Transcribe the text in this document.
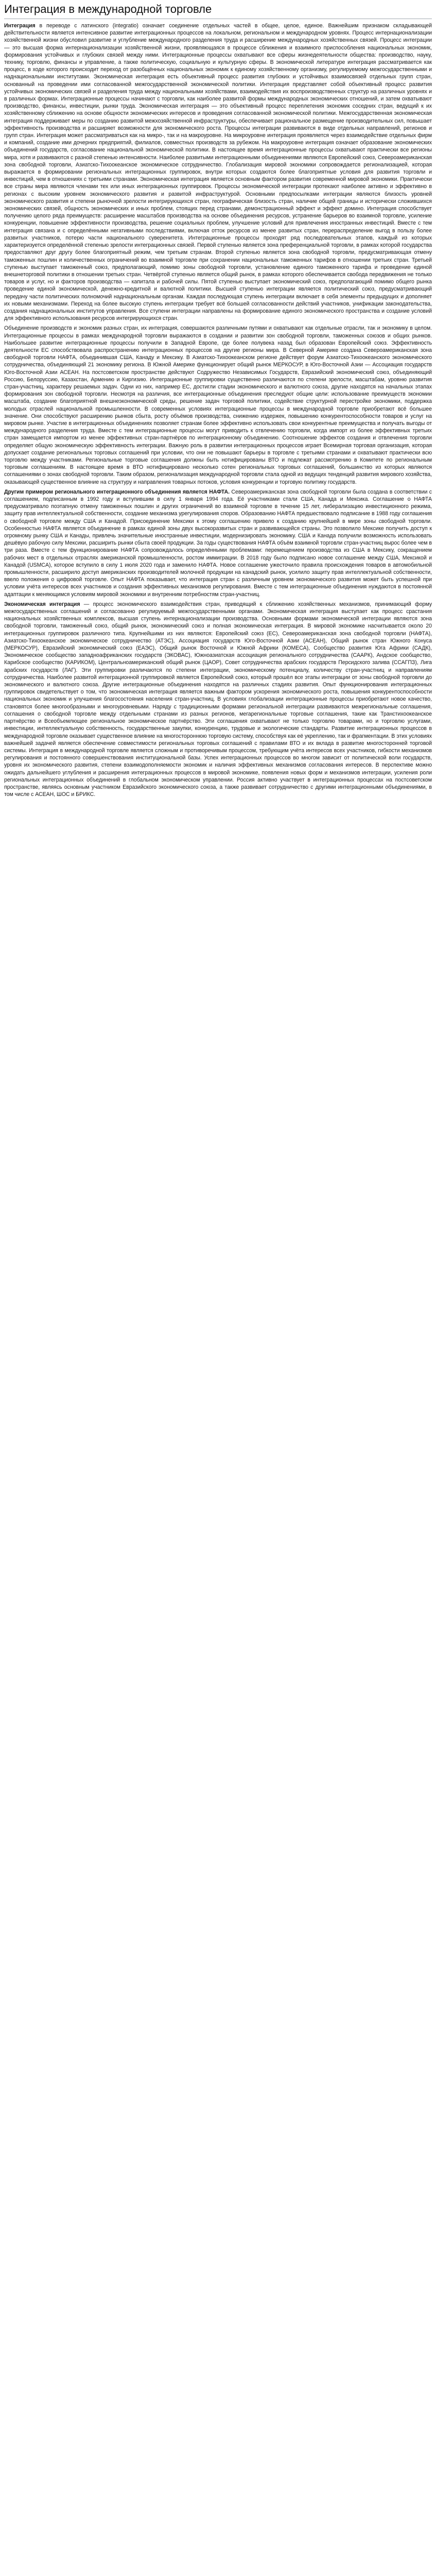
Интеграция в международной торговле

Интеграция в переводе с латинского (integratio) означает соединение отдельных частей в общее, целое, единое. Важнейшим признаком складывающей действительности является интенсивное развитие интеграционных процессов на локальном, региональном и международном уровнях. Процесс интернационализации хозяйственной жизни обусловил развитие и углубление международного разделения труда и расширение международных хозяйственных связей. Процесс интеграции — это высшая форма интернационализации хозяйственной жизни, проявляющаяся в процессе сближения и взаимного приспособления национальных экономик, формирования устойчивых и глубоких связей между ними. Интеграционные процессы охватывают все сферы жизнедеятельности общества: производство, науку, технику, торговлю, финансы и управление, а также политическую, социальную и культурную сферы. В экономической литературе интеграция рассматривается как процесс, в ходе которого происходит переход от разобщённых национальных экономик к единому хозяйственному организму, регулируемому межгосударственными и наднациональными институтами. Экономическая интеграция есть объективный процесс развития глубоких и устойчивых взаимосвязей отдельных групп стран, основанный на проведении ими согласованной межгосударственной экономической политики. Интеграция представляет собой объективный процесс развития устойчивых экономических связей и разделения труда между национальными хозяйствами, взаимодействия их воспроизводственных структур на различных уровнях и в различных формах. Интеграционные процессы начинают с торговли, как наиболее развитой формы международных экономических отношений, и затем охватывают производство, финансы, инвестиции, рынки труда. Экономическая интеграция — это объективный процесс переплетения экономик соседних стран, ведущий к их хозяйственному сближению на основе общности экономических интересов и проведения согласованной экономической политики. Межгосударственная экономическая интеграция поддерживает меры по созданию развитой межхозяйственной инфраструктуры, обеспечивает рациональное размещение производительных сил, повышает эффективность производства и расширяет возможности для экономического роста. Процессы интеграции развиваются в виде отдельных направлений, регионов и групп стран. Интеграция может рассматриваться как на микро-, так и на макроуровне. На микроуровне интеграция проявляется через взаимодействие отдельных фирм и компаний, создание ими дочерних предприятий, филиалов, совместных производств за рубежом. На макроуровне интеграция означает образование экономических объединений государств, согласование национальной экономической политики. В настоящее время интеграционные процессы охватывают практически все регионы мира, хотя и развиваются с разной степенью интенсивности. Наиболее развитыми интеграционными объединениями являются Европейский союз, Североамериканская зона свободной торговли, Азиатско-Тихоокеанское экономическое сотрудничество. Глобализация мировой экономики сопровождается регионализацией, которая выражается в формировании региональных интеграционных группировок, внутри которых создаются более благоприятные условия для развития торговли и инвестиций, чем в отношениях с третьими странами. Экономическая интеграция является основным фактором развития современной мировой экономики. Практически все страны мира являются членами тех или иных интеграционных группировок. Процессы экономической интеграции протекают наиболее активно и эффективно в регионах с высоким уровнем экономического развития и развитой инфраструктурой. Основными предпосылками интеграции являются близость уровней экономического развития и степени рыночной зрелости интегрирующихся стран, географическая близость стран, наличие общей границы и исторически сложившихся экономических связей, общность экономических и иных проблем, стоящих перед странами, демонстрационный эффект и эффект домино. Интеграция способствует получению целого ряда преимуществ: расширение масштабов производства на основе объединения ресурсов, устранение барьеров во взаимной торговле, усиление конкуренции, повышение эффективности производства, решение социальных проблем, улучшение условий для привлечения иностранных инвестиций. Вместе с тем интеграция связана и с определёнными негативными последствиями, включая отток ресурсов из менее развитых стран, перераспределение выгод в пользу более развитых участников, потерю части национального суверенитета. Интеграционные процессы проходят ряд последовательных этапов, каждый из которых характеризуется определённой степенью зрелости интеграционных связей. Первой ступенью является зона преференциальной торговли, в рамках которой государства предоставляют друг другу более благоприятный режим, чем третьим странам. Второй ступенью является зона свободной торговли, предусматривающая отмену таможенных пошлин и количественных ограничений во взаимной торговле при сохранении национальных таможенных тарифов в отношении третьих стран. Третьей ступенью выступает таможенный союз, предполагающий, помимо зоны свободной торговли, установление единого таможенного тарифа и проведение единой внешнеторговой политики в отношении третьих стран. Четвёртой ступенью является общий рынок, в рамках которого обеспечивается свобода передвижения не только товаров и услуг, но и факторов производства — капитала и рабочей силы. Пятой ступенью выступает экономический союз, предполагающий помимо общего рынка проведение единой экономической, денежно-кредитной и валютной политики. Высшей ступенью интеграции является политический союз, предусматривающий передачу части политических полномочий наднациональным органам. Каждая последующая ступень интеграции включает в себя элементы предыдущих и дополняет их новыми механизмами. Переход на более высокую ступень интеграции требует всё большей согласованности действий участников, унификации законодательства, создания наднациональных институтов управления. Все ступени интеграции направлены на формирование единого экономического пространства и создание условий для эффективного использования ресурсов интегрирующихся стран.

Объединение производств и экономик разных стран, их интеграция, совершаются различными путями и охватывают как отдельные отрасли, так и экономику в целом. Интеграционные процессы в рамках международной торговли выражаются в создании и развитии зон свободной торговли, таможенных союзов и общих рынков. Наибольшее развитие интеграционные процессы получили в Западной Европе, где более полувека назад был образован Европейский союз. Эффективность деятельности ЕС способствовала распространению интеграционных процессов на другие регионы мира. В Северной Америке создана Североамериканская зона свободной торговли НАФТА, объединившая США, Канаду и Мексику. В Азиатско-Тихоокеанском регионе действует форум Азиатско-Тихоокеанского экономического сотрудничества, объединяющий 21 экономику региона. В Южной Америке функционирует общий рынок МЕРКОСУР, в Юго-Восточной Азии — Ассоциация государств Юго-Восточной Азии АСЕАН. На постсоветском пространстве действуют Содружество Независимых Государств, Евразийский экономический союз, объединяющий Россию, Белоруссию, Казахстан, Армению и Киргизию. Интеграционные группировки существенно различаются по степени зрелости, масштабам, уровню развития стран-участниц, характеру решаемых задач. Одни из них, например ЕС, достигли стадии экономического и валютного союза, другие находятся на начальных этапах формирования зон свободной торговли. Несмотря на различия, все интеграционные объединения преследуют общие цели: использование преимуществ экономии масштаба, создание благоприятной внешнеэкономической среды, решение задач торговой политики, содействие структурной перестройке экономики, поддержка молодых отраслей национальной промышленности. В современных условиях интеграционные процессы в международной торговле приобретают всё большее значение. Они способствуют расширению рынков сбыта, росту объёмов производства, снижению издержек, повышению конкурентоспособности товаров и услуг на мировом рынке. Участие в интеграционных объединениях позволяет странам более эффективно использовать свои конкурентные преимущества и получать выгоды от международного разделения труда. Вместе с тем интеграционные процессы могут приводить к отвлечению торговли, когда импорт из более эффективных третьих стран замещается импортом из менее эффективных стран-партнёров по интеграционному объединению. Соотношение эффектов создания и отвлечения торговли определяет общую экономическую эффективность интеграции. Важную роль в развитии интеграционных процессов играет Всемирная торговая организация, которая допускает создание региональных торговых соглашений при условии, что они не повышают барьеры в торговле с третьими странами и охватывают практически всю торговлю между участниками. Региональные торговые соглашения должны быть нотифицированы ВТО и подлежат рассмотрению в Комитете по региональным торговым соглашениям. В настоящее время в ВТО нотифицировано несколько сотен региональных торговых соглашений, большинство из которых являются соглашениями о зонах свободной торговли. Таким образом, регионализация международной торговли стала одной из ведущих тенденций развития мирового хозяйства, оказывающей существенное влияние на структуру и направления товарных потоков, условия конкуренции и торговую политику государств.

Другим примером регионального интеграционного объединения является НАФТА. Североамериканская зона свободной торговли была создана в соответствии с соглашением, подписанным в 1992 году и вступившим в силу 1 января 1994 года. Её участниками стали США, Канада и Мексика. Соглашение о НАФТА предусматривало поэтапную отмену таможенных пошлин и других ограничений во взаимной торговле в течение 15 лет, либерализацию инвестиционного режима, защиту прав интеллектуальной собственности, создание механизма урегулирования споров. Образованию НАФТА предшествовало подписание в 1988 году соглашения о свободной торговле между США и Канадой. Присоединение Мексики к этому соглашению привело к созданию крупнейшей в мире зоны свободной торговли. Особенностью НАФТА является объединение в рамках единой зоны двух высокоразвитых стран и развивающейся страны. Это позволило Мексике получить доступ к огромному рынку США и Канады, привлечь значительные иностранные инвестиции, модернизировать экономику. США и Канада получили возможность использовать дешёвую рабочую силу Мексики, расширить рынки сбыта своей продукции. За годы существования НАФТА объём взаимной торговли стран-участниц вырос более чем в три раза. Вместе с тем функционирование НАФТА сопровождалось определёнными проблемами: перемещением производства из США в Мексику, сокращением рабочих мест в отдельных отраслях американской промышленности, ростом иммиграции. В 2018 году было подписано новое соглашение между США, Мексикой и Канадой (USMCA), которое вступило в силу 1 июля 2020 года и заменило НАФТА. Новое соглашение ужесточило правила происхождения товаров в автомобильной промышленности, расширило доступ американских производителей молочной продукции на канадский рынок, усилило защиту прав интеллектуальной собственности, ввело положения о цифровой торговле. Опыт НАФТА показывает, что интеграция стран с различным уровнем экономического развития может быть успешной при условии учёта интересов всех участников и создания эффективных механизмов регулирования. Вместе с тем интеграционные объединения нуждаются в постоянной адаптации к меняющимся условиям мировой экономики и внутренним потребностям стран-участниц.

Экономическая интеграция — процесс экономического взаимодействия стран, приводящий к сближению хозяйственных механизмов, принимающий форму межгосударственных соглашений и согласованно регулируемый межгосударственными органами. Экономическая интеграция выступает как процесс срастания национальных хозяйственных комплексов, высшая ступень интернационализации производства. Основными формами экономической интеграции являются зона свободной торговли, таможенный союз, общий рынок, экономический союз и полная экономическая интеграция. В мировой экономике насчитывается около 20 интеграционных группировок различного типа. Крупнейшими из них являются: Европейский союз (ЕС), Североамериканская зона свободной торговли (НАФТА), Азиатско-Тихоокеанское экономическое сотрудничество (АТЭС), Ассоциация государств Юго-Восточной Азии (АСЕАН), Общий рынок стран Южного Конуса (МЕРКОСУР), Евразийский экономический союз (ЕАЭС), Общий рынок Восточной и Южной Африки (КОМЕСА), Сообщество развития Юга Африки (САДК), Экономическое сообщество западноафриканских государств (ЭКОВАС), Южноазиатская ассоциация регионального сотрудничества (СААРК), Андское сообщество, Карибское сообщество (КАРИКОМ), Центральноамериканский общий рынок (ЦАОР), Совет сотрудничества арабских государств Персидского залива (ССАГПЗ), Лига арабских государств (ЛАГ). Эти группировки различаются по степени интеграции, экономическому потенциалу, количеству стран-участниц и направлениям сотрудничества. Наиболее развитой интеграционной группировкой является Европейский союз, который прошёл все этапы интеграции от зоны свободной торговли до экономического и валютного союза. Другие интеграционные объединения находятся на различных стадиях развития. Опыт функционирования интеграционных группировок свидетельствует о том, что экономическая интеграция является важным фактором ускорения экономического роста, повышения конкурентоспособности национальных экономик и улучшения благосостояния населения стран-участниц. В условиях глобализации интеграционные процессы приобретают новое качество, становятся более многообразными и многоуровневыми. Наряду с традиционными формами региональной интеграции развиваются межрегиональные соглашения, соглашения о свободной торговле между отдельными странами из разных регионов, мегарегиональные торговые соглашения, такие как Транстихоокеанское партнёрство и Всеобъемлющее региональное экономическое партнёрство. Эти соглашения охватывают не только торговлю товарами, но и торговлю услугами, инвестиции, интеллектуальную собственность, государственные закупки, конкуренцию, трудовые и экологические стандарты. Развитие интеграционных процессов в международной торговле оказывает существенное влияние на многостороннюю торговую систему, способствуя как её укреплению, так и фрагментации. В этих условиях важнейшей задачей является обеспечение совместимости региональных торговых соглашений с правилами ВТО и их вклада в развитие многосторонней торговой системы. Интеграция в международной торговле является сложным и противоречивым процессом, требующим учёта интересов всех участников, гибкости механизмов регулирования и постоянного совершенствования институциональной базы. Успех интеграционных процессов во многом зависит от политической воли государств, уровня их экономического развития, степени взаимодополняемости экономик и наличия эффективных механизмов согласования интересов. В перспективе можно ожидать дальнейшего углубления и расширения интеграционных процессов в мировой экономике, появления новых форм и механизмов интеграции, усиления роли региональных интеграционных объединений в глобальном экономическом управлении. Россия активно участвует в интеграционных процессах на постсоветском пространстве, являясь основным участником Евразийского экономического союза, а также развивает сотрудничество с другими интеграционными объединениями, в том числе с АСЕАН, ШОС и БРИКС.
